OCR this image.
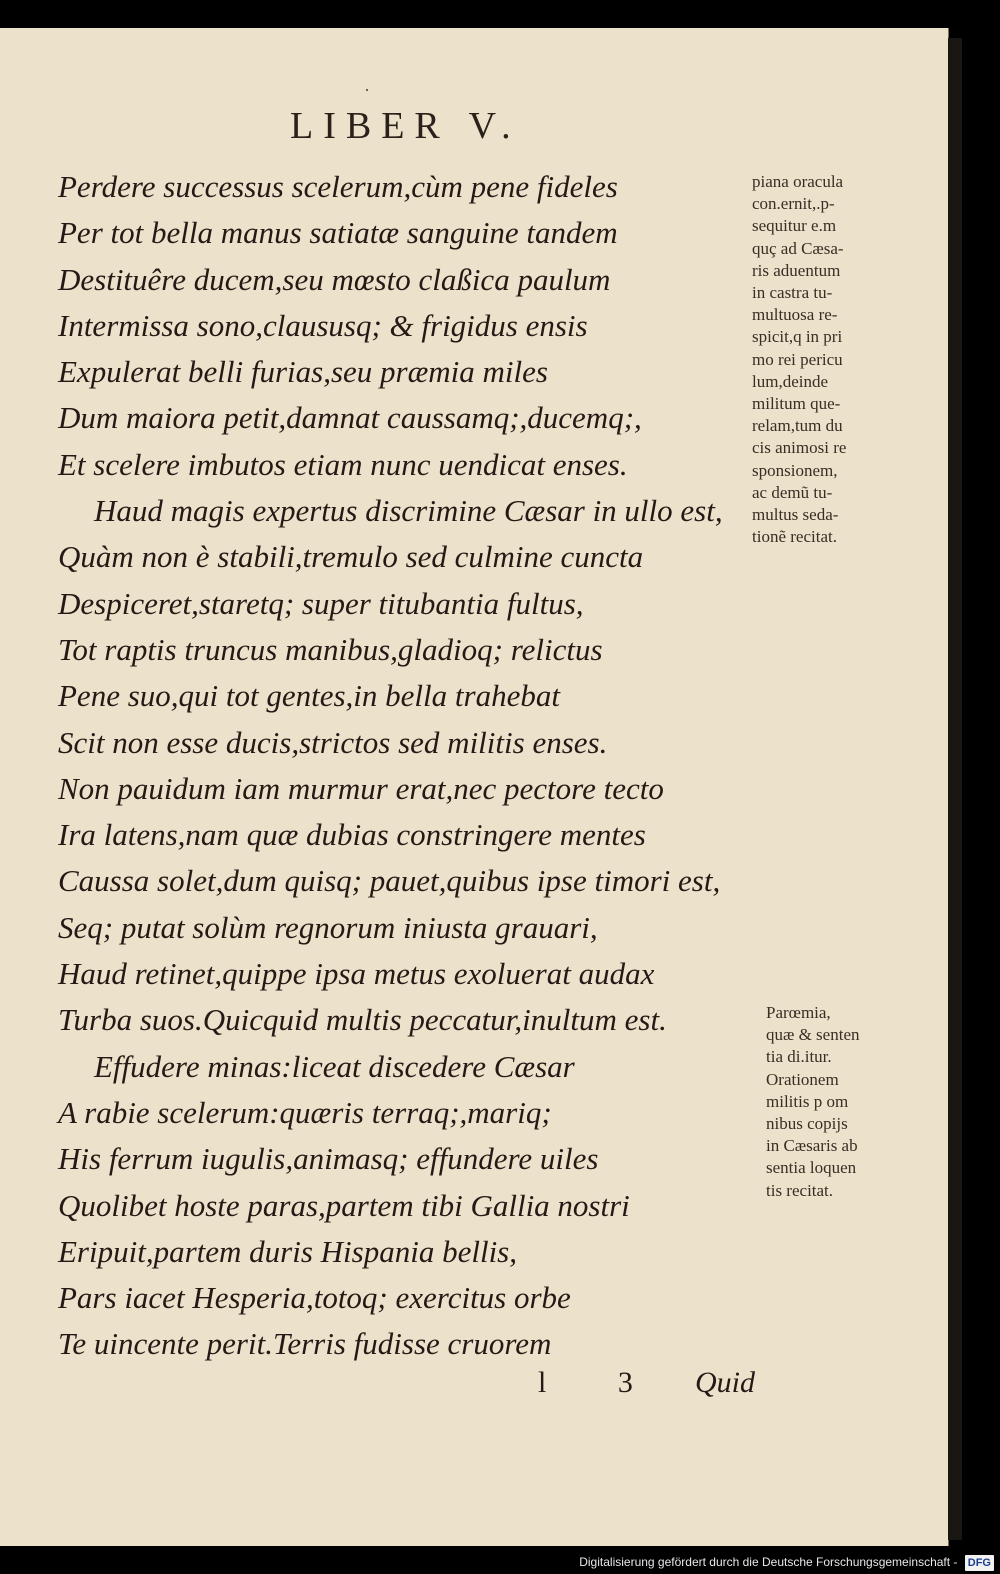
·
LIBER V.
Perdere successus scelerum,cùm pene fideles
Per tot bella manus satiatæ sanguine tandem
Destituêre ducem,seu mœsto claßica paulum
Intermissa sono,claususq; & frigidus ensis
Expulerat belli furias,seu præmia miles
Dum maiora petit,damnat caussamq;,ducemq;,
Et scelere imbutos etiam nunc uendicat enses.
Haud magis expertus discrimine Cæsar in ullo est,
Quàm non è stabili,tremulo sed culmine cuncta
Despiceret,staretq; super titubantia fultus,
Tot raptis truncus manibus,gladioq; relictus
Pene suo,qui tot gentes,in bella trahebat
Scit non esse ducis,strictos sed militis enses.
Non pauidum iam murmur erat,nec pectore tecto
Ira latens,nam quæ dubias constringere mentes
Caussa solet,dum quisq; pauet,quibus ipse timori est,
Seq; putat solùm regnorum iniusta grauari,
Haud retinet,quippe ipsa metus exoluerat audax
Turba suos.Quicquid multis peccatur,inultum est.
Effudere minas:liceat discedere Cæsar
A rabie scelerum:quæris terraq;,mariq;
His ferrum iugulis,animasq; effundere uiles
Quolibet hoste paras,partem tibi Gallia nostri
Eripuit,partem duris Hispania bellis,
Pars iacet Hesperia,totoq; exercitus orbe
Te uincente perit.Terris fudisse cruorem
piana oracula
con.ernit,.p-
sequitur e.m
quç ad Cæsa-
ris aduentum
in castra tu-
multuosa re-
spicit,q in pri
mo rei pericu
lum,deinde
militum que-
relam,tum du
cis animosi re
sponsionem,
ac demũ tu-
multus seda-
tionẽ recitat.
Parœmia,
quæ & senten
tia di.itur.
Orationem
militis p om
nibus copijs
in Cæsaris ab
sentia loquen
tis recitat.
l 3 Quid
Digitalisierung gefördert durch die Deutsche Forschungsgemeinschaft - DFG
